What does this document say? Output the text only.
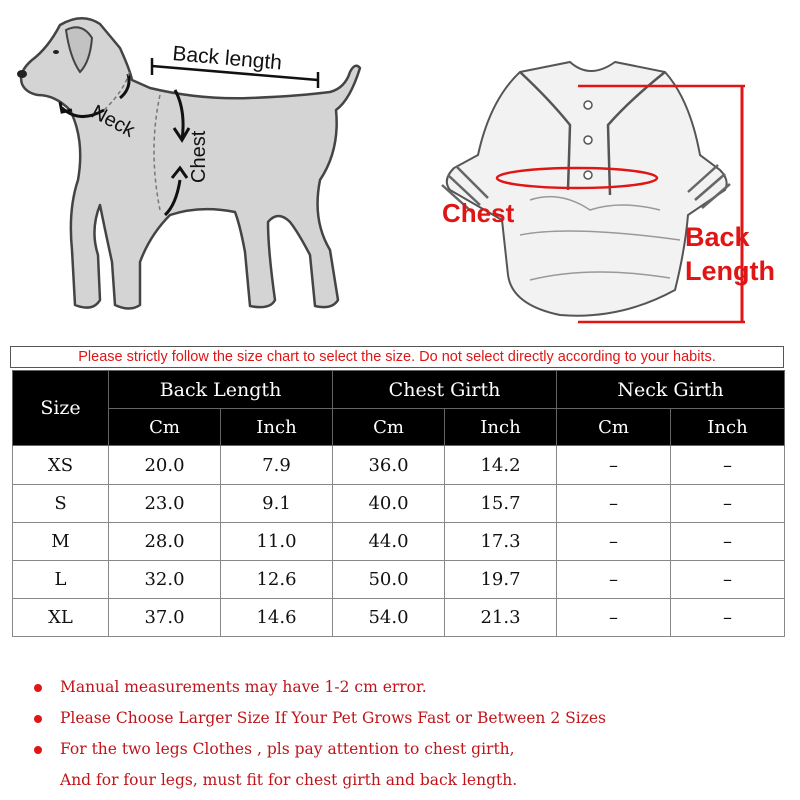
Back length
Neck
Chest
Chest
Back
Length
Please strictly follow the size chart to select the size. Do not select directly according to your habits.
Size	Back Length		Chest Girth		Neck Girth	
	Cm	Inch	Cm	Inch	Cm	Inch
XS	20.0	7.9	36.0	14.2	–	–
S	23.0	9.1	40.0	15.7	–	–
M	28.0	11.0	44.0	17.3	–	–
L	32.0	12.6	50.0	19.7	–	–
XL	37.0	14.6	54.0	21.3	–	–
Manual measurements may have 1-2 cm error.
Please Choose Larger Size If Your Pet Grows Fast or Between 2 Sizes
For the two legs Clothes , pls pay attention to chest girth,
And for four legs, must fit for chest girth and back length.
